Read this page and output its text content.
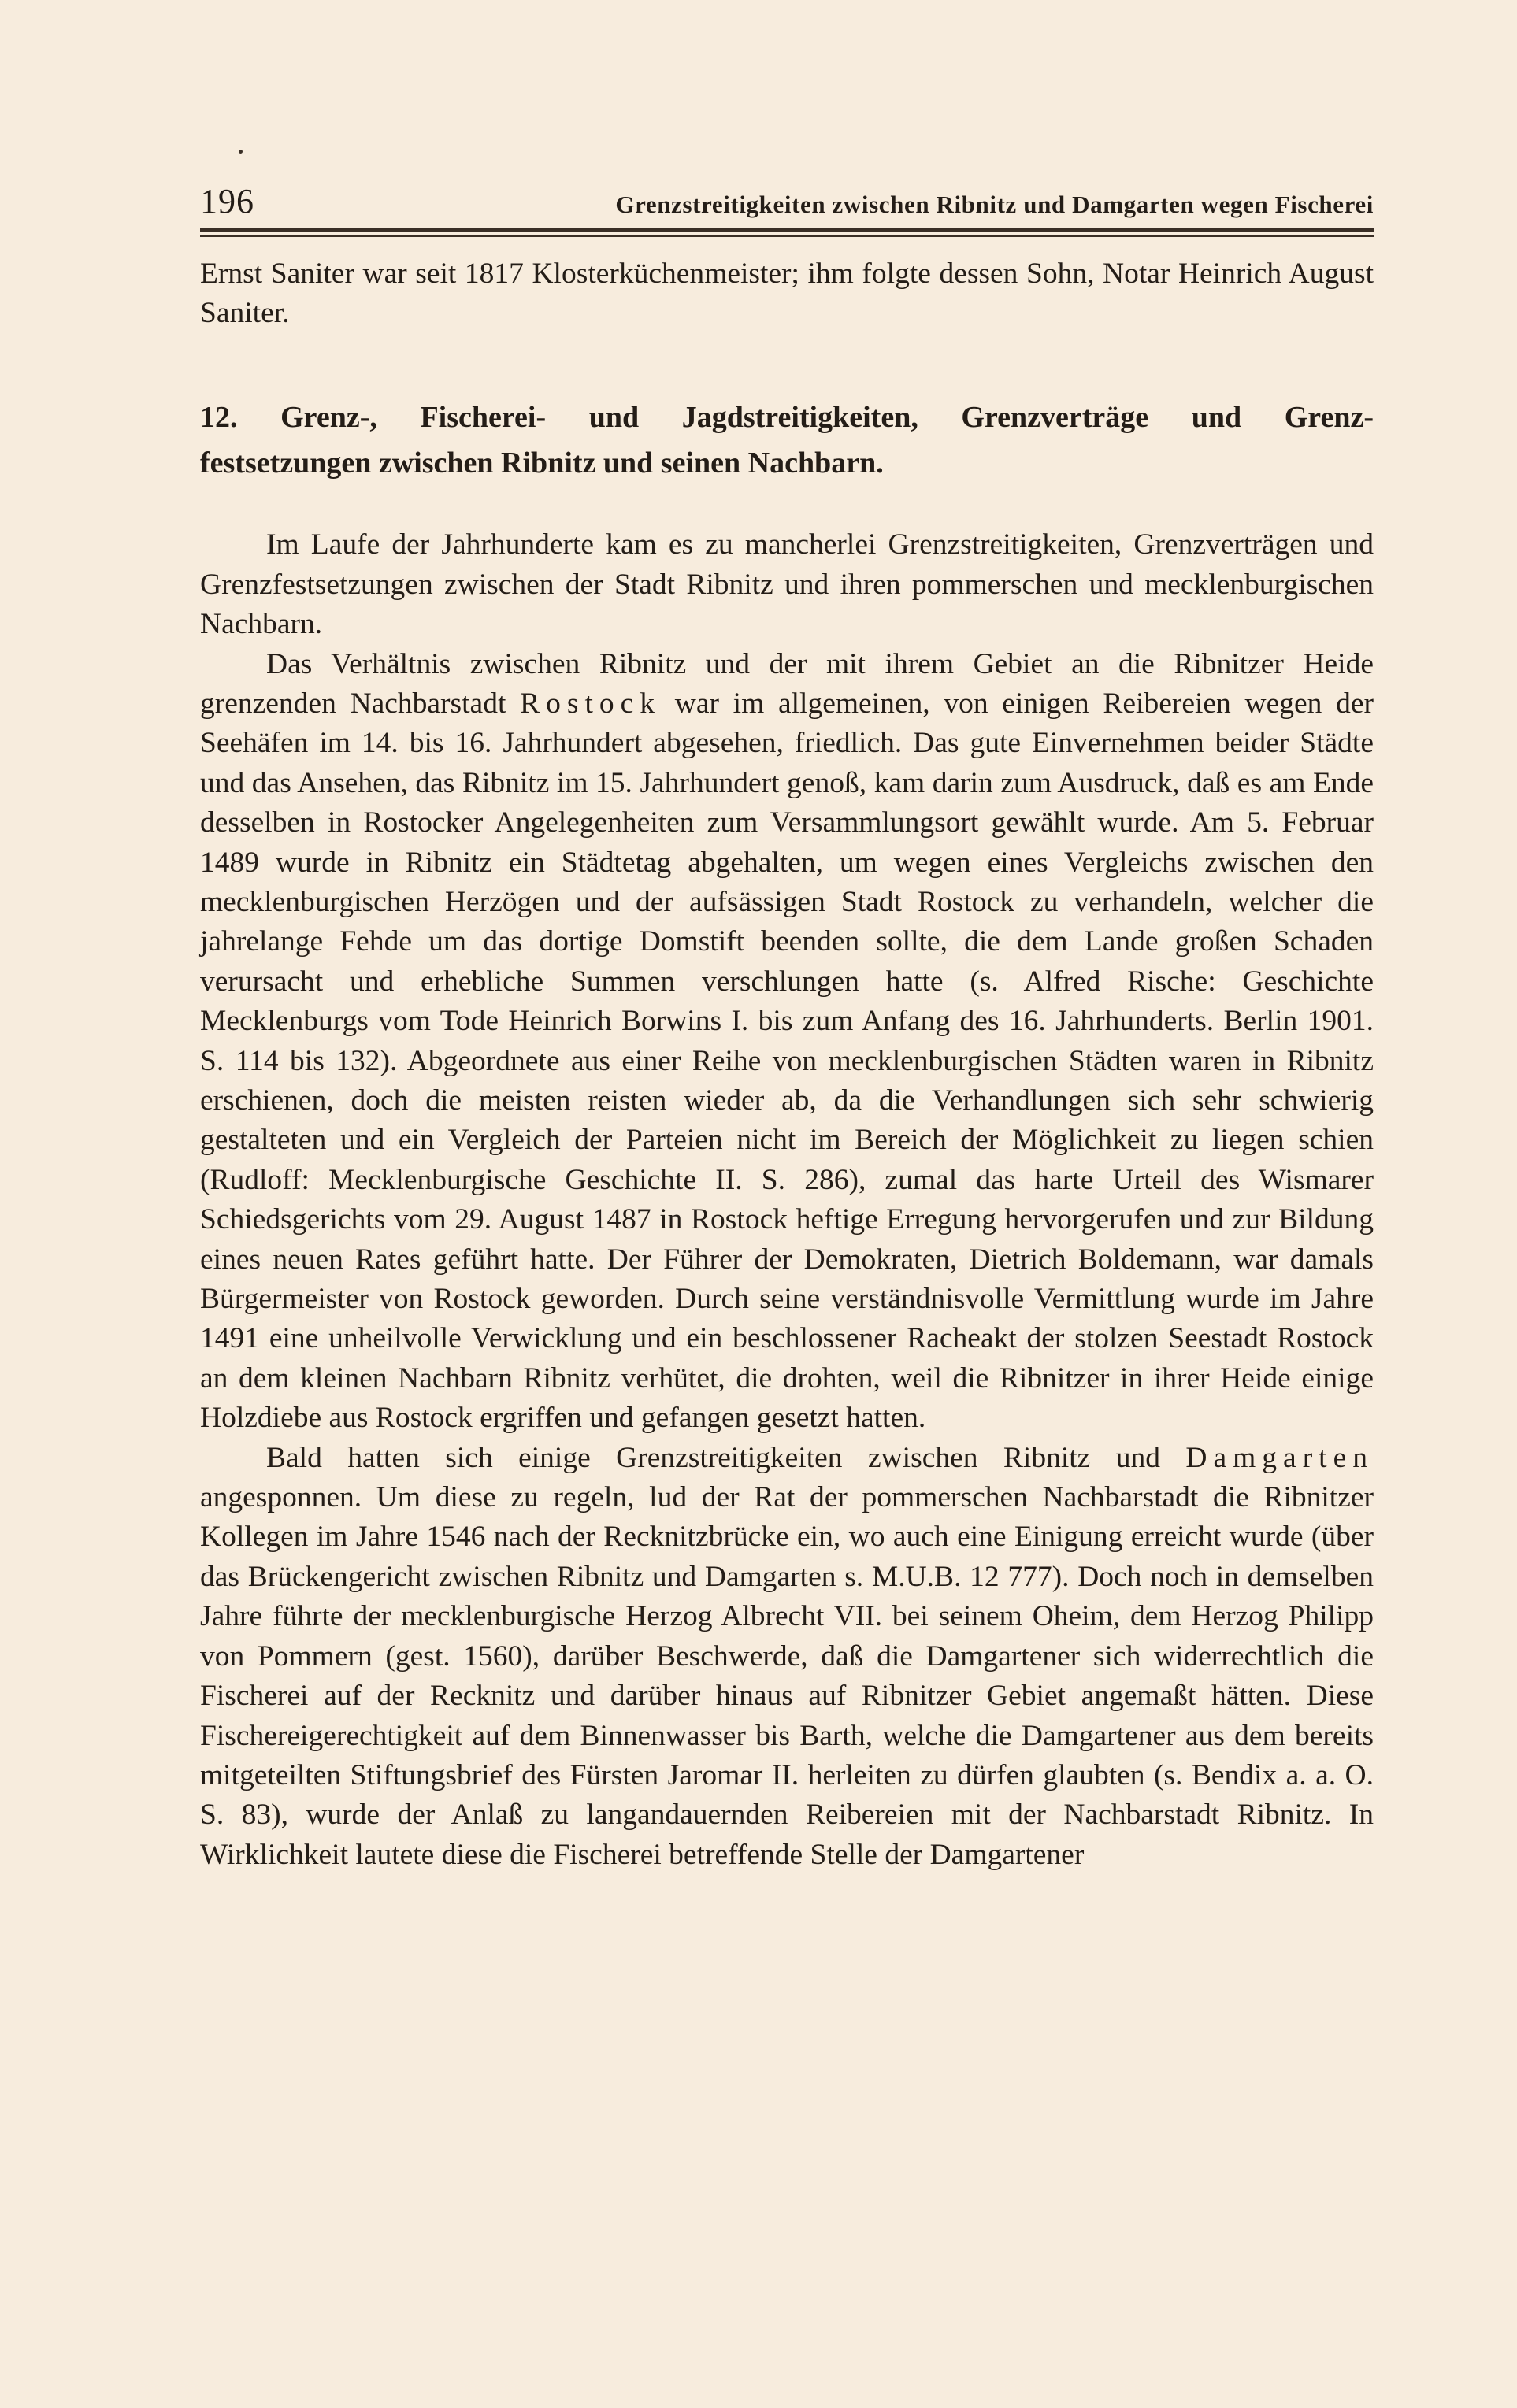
196	Grenzstreitigkeiten zwischen Ribnitz und Damgarten wegen Fischerei

Ernst Saniter war seit 1817 Klosterküchenmeister; ihm folgte dessen Sohn, Notar Heinrich August Saniter.

12. Grenz-, Fischerei- und Jagdstreitigkeiten, Grenzverträge und Grenz-
festsetzungen zwischen Ribnitz und seinen Nachbarn.

Im Laufe der Jahrhunderte kam es zu mancherlei Grenzstreitigkeiten, Grenzverträgen und Grenzfestsetzungen zwischen der Stadt Ribnitz und ihren pommerschen und mecklenburgischen Nachbarn.

Das Verhältnis zwischen Ribnitz und der mit ihrem Gebiet an die Ribnitzer Heide grenzenden Nachbarstadt Rostock war im allgemeinen, von einigen Reibereien wegen der Seehäfen im 14. bis 16. Jahrhundert abgesehen, friedlich. Das gute Einvernehmen beider Städte und das Ansehen, das Ribnitz im 15. Jahrhundert genoß, kam darin zum Ausdruck, daß es am Ende desselben in Rostocker Angelegenheiten zum Versammlungsort gewählt wurde. Am 5. Februar 1489 wurde in Ribnitz ein Städtetag abgehalten, um wegen eines Vergleichs zwischen den mecklenburgischen Herzögen und der aufsässigen Stadt Rostock zu verhandeln, welcher die jahrelange Fehde um das dortige Domstift beenden sollte, die dem Lande großen Schaden verursacht und erhebliche Summen verschlungen hatte (s. Alfred Rische: Geschichte Mecklenburgs vom Tode Heinrich Borwins I. bis zum Anfang des 16. Jahrhunderts. Berlin 1901. S. 114 bis 132). Abgeordnete aus einer Reihe von mecklenburgischen Städten waren in Ribnitz erschienen, doch die meisten reisten wieder ab, da die Verhandlungen sich sehr schwierig gestalteten und ein Vergleich der Parteien nicht im Bereich der Möglichkeit zu liegen schien (Rudloff: Mecklenburgische Geschichte II. S. 286), zumal das harte Urteil des Wismarer Schiedsgerichts vom 29. August 1487 in Rostock heftige Erregung hervorgerufen und zur Bildung eines neuen Rates geführt hatte. Der Führer der Demokraten, Dietrich Boldemann, war damals Bürgermeister von Rostock geworden. Durch seine verständnisvolle Vermittlung wurde im Jahre 1491 eine unheilvolle Verwicklung und ein beschlossener Racheakt der stolzen Seestadt Rostock an dem kleinen Nachbarn Ribnitz verhütet, die drohten, weil die Ribnitzer in ihrer Heide einige Holzdiebe aus Rostock ergriffen und gefangen gesetzt hatten.

Bald hatten sich einige Grenzstreitigkeiten zwischen Ribnitz und Damgarten angesponnen. Um diese zu regeln, lud der Rat der pommerschen Nachbarstadt die Ribnitzer Kollegen im Jahre 1546 nach der Recknitzbrücke ein, wo auch eine Einigung erreicht wurde (über das Brückengericht zwischen Ribnitz und Damgarten s. M.U.B. 12 777). Doch noch in demselben Jahre führte der mecklenburgische Herzog Albrecht VII. bei seinem Oheim, dem Herzog Philipp von Pommern (gest. 1560), darüber Beschwerde, daß die Damgartener sich widerrechtlich die Fischerei auf der Recknitz und darüber hinaus auf Ribnitzer Gebiet angemaßt hätten. Diese Fischereigerechtigkeit auf dem Binnenwasser bis Barth, welche die Damgartener aus dem bereits mitgeteilten Stiftungsbrief des Fürsten Jaromar II. herleiten zu dürfen glaubten (s. Bendix a. a. O. S. 83), wurde der Anlaß zu langandauernden Reibereien mit der Nachbarstadt Ribnitz. In Wirklichkeit lautete diese die Fischerei betreffende Stelle der Damgartener
